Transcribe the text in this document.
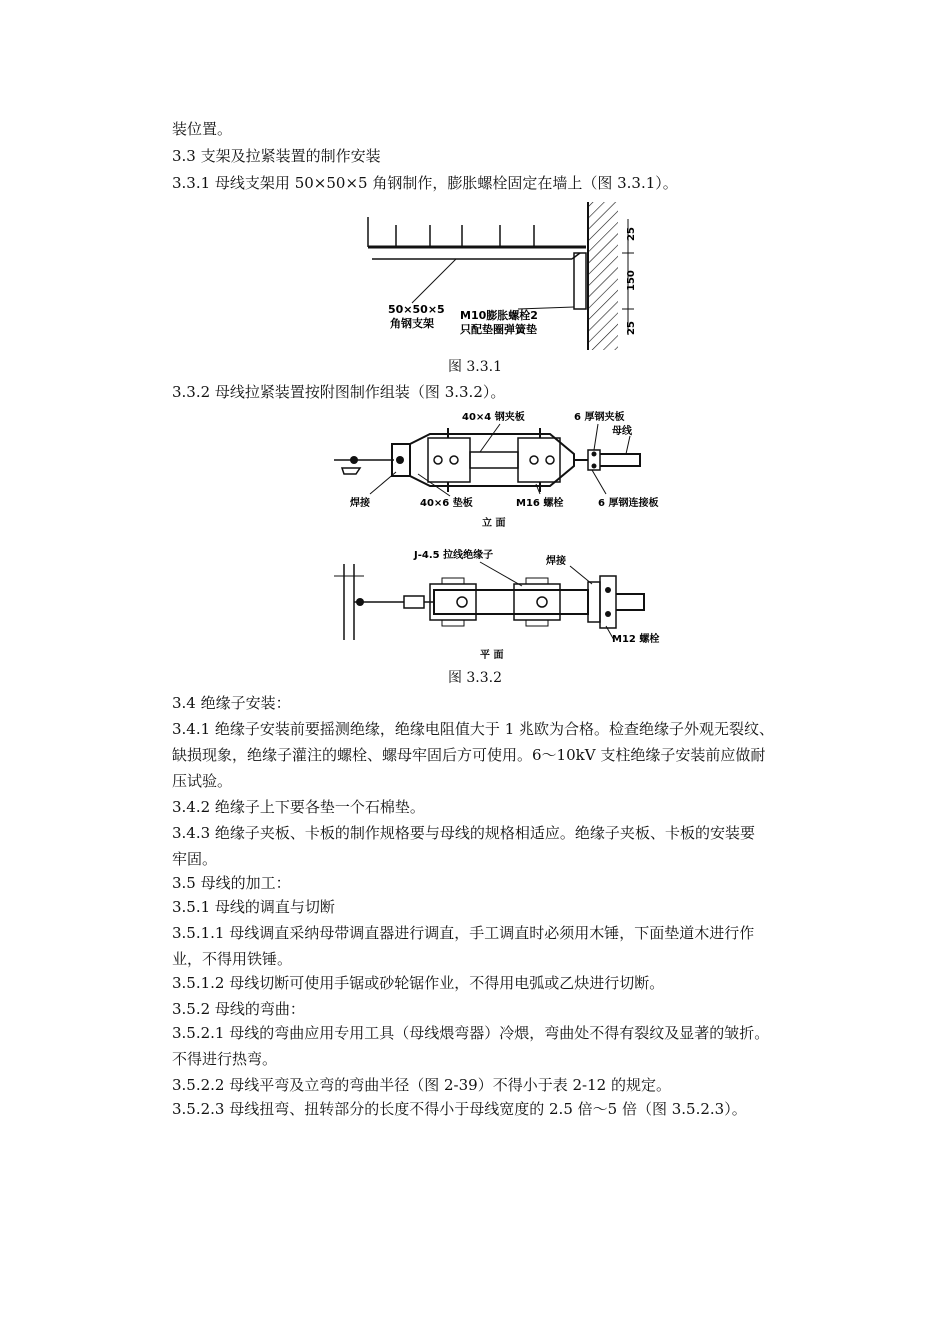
装位置。
3.3 支架及拉紧装置的制作安装
3.3.1 母线支架用 50×50×5 角钢制作，膨胀螺栓固定在墙上（图 3.3.1）。
25
150
25
50×50×5
角钢支架
M10膨胀螺栓2
只配垫圈弹簧垫
图 3.3.1
3.3.2 母线拉紧装置按附图制作组装（图 3.3.2）。
40×4 钢夹板	6 厚钢夹板
母线
焊接	40×6 垫板	M16 螺栓	6 厚钢连接板
立 面
J-4.5 拉线绝缘子
焊接
M12 螺栓
平 面
图 3.3.2
3.4 绝缘子安装：
3.4.1 绝缘子安装前要摇测绝缘，绝缘电阻值大于 1 兆欧为合格。检查绝缘子外观无裂纹、
缺损现象，绝缘子灌注的螺栓、螺母牢固后方可使用。6～10kV 支柱绝缘子安装前应做耐
压试验。
3.4.2 绝缘子上下要各垫一个石棉垫。
3.4.3 绝缘子夹板、卡板的制作规格要与母线的规格相适应。绝缘子夹板、卡板的安装要
牢固。
3.5 母线的加工：
3.5.1 母线的调直与切断
3.5.1.1 母线调直采纳母带调直器进行调直，手工调直时必须用木锤，下面垫道木进行作
业，不得用铁锤。
3.5.1.2 母线切断可使用手锯或砂轮锯作业，不得用电弧或乙炔进行切断。
3.5.2 母线的弯曲：
3.5.2.1 母线的弯曲应用专用工具（母线煨弯器）冷煨，弯曲处不得有裂纹及显著的皱折。
不得进行热弯。
3.5.2.2 母线平弯及立弯的弯曲半径（图 2-39）不得小于表 2-12 的规定。
3.5.2.3 母线扭弯、扭转部分的长度不得小于母线宽度的 2.5 倍～5 倍（图 3.5.2.3）。
